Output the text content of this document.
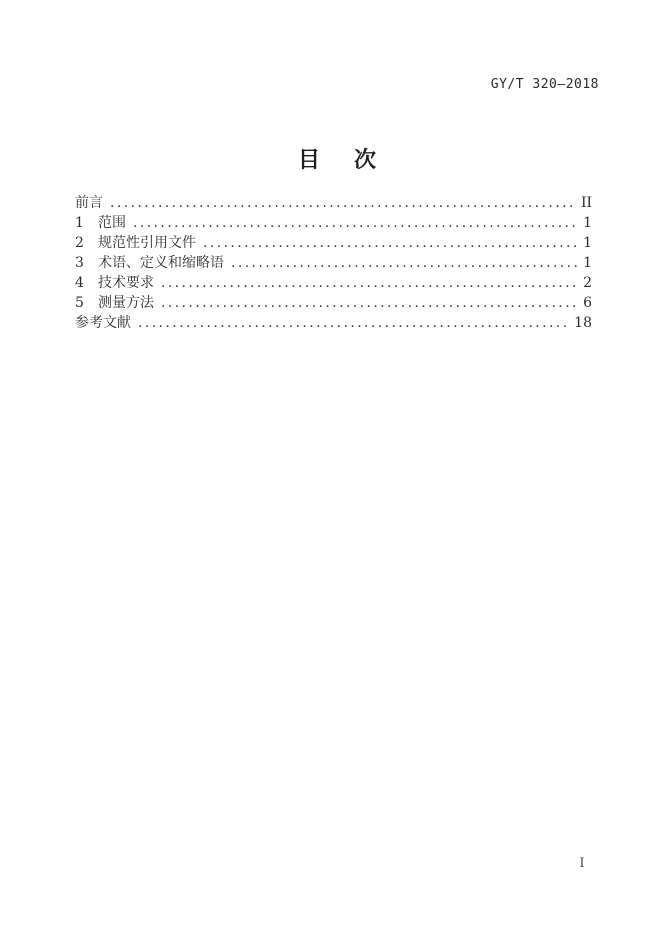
GY/T 320—2018
目　次
前言 .....	II
1	范围 .....	1
2	规范性引用文件 .....	1
3	术语、定义和缩略语 .....	1
4	技术要求 .....	2
5	测量方法 .....	6
参考文献 .....	18
I
